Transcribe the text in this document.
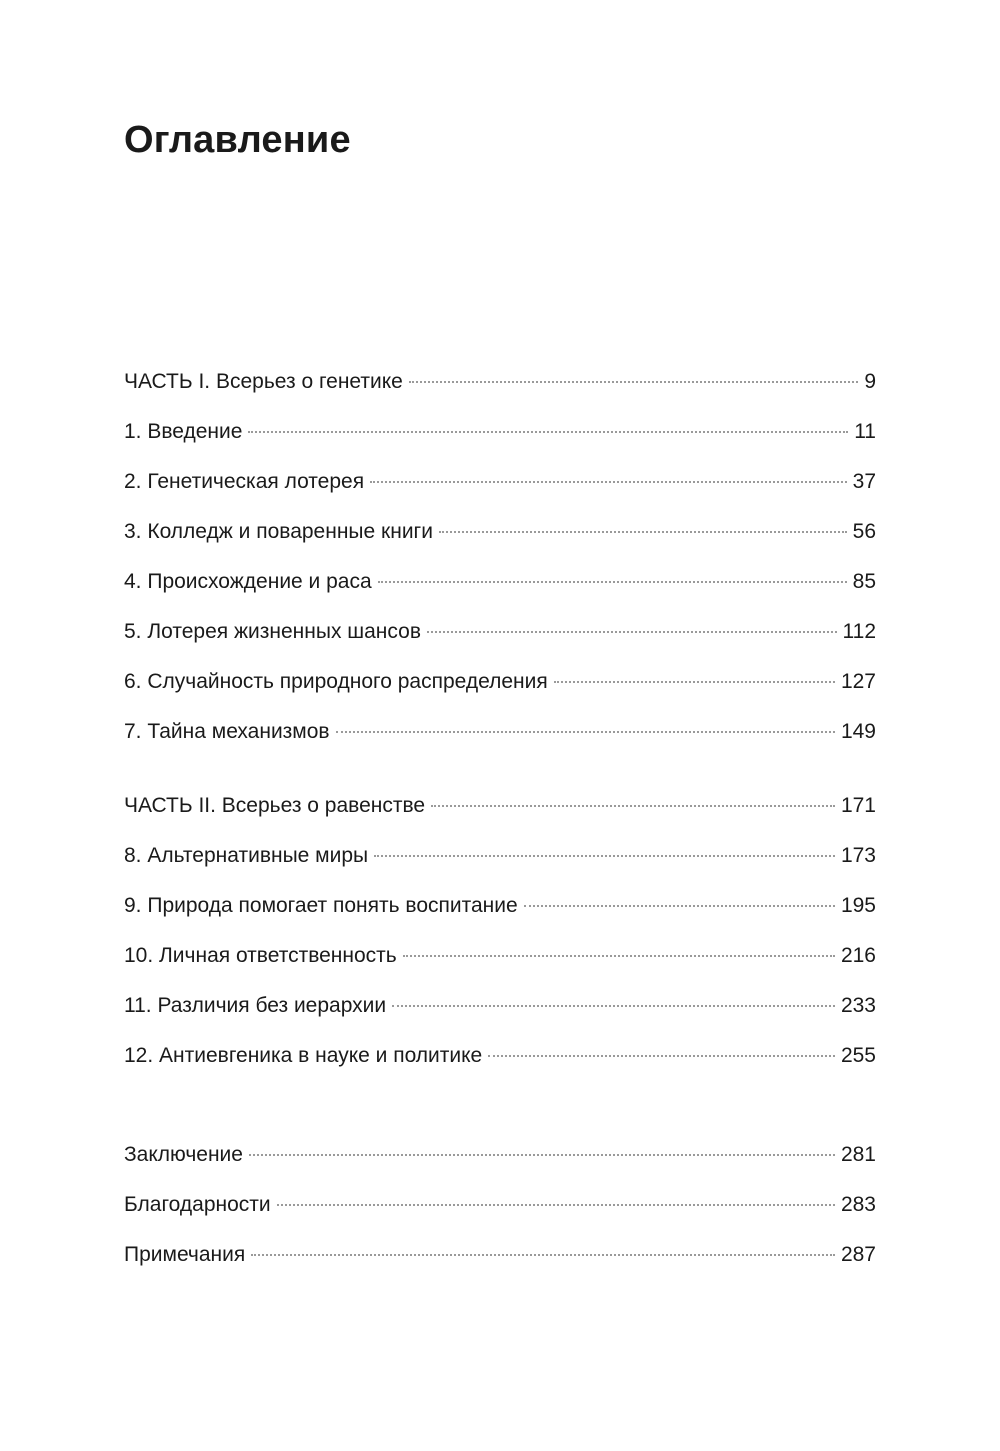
Оглавление
ЧАСТЬ I. Всерьез о генетике	9
1. Введение	11
2. Генетическая лотерея	37
3. Колледж и поваренные книги	56
4. Происхождение и раса	85
5. Лотерея жизненных шансов	112
6. Случайность природного распределения	127
7. Тайна механизмов	149
ЧАСТЬ II. Всерьез о равенстве	171
8. Альтернативные миры	173
9. Природа помогает понять воспитание	195
10. Личная ответственность	216
11. Различия без иерархии	233
12. Антиевгеника в науке и политике	255
Заключение	281
Благодарности	283
Примечания	287
